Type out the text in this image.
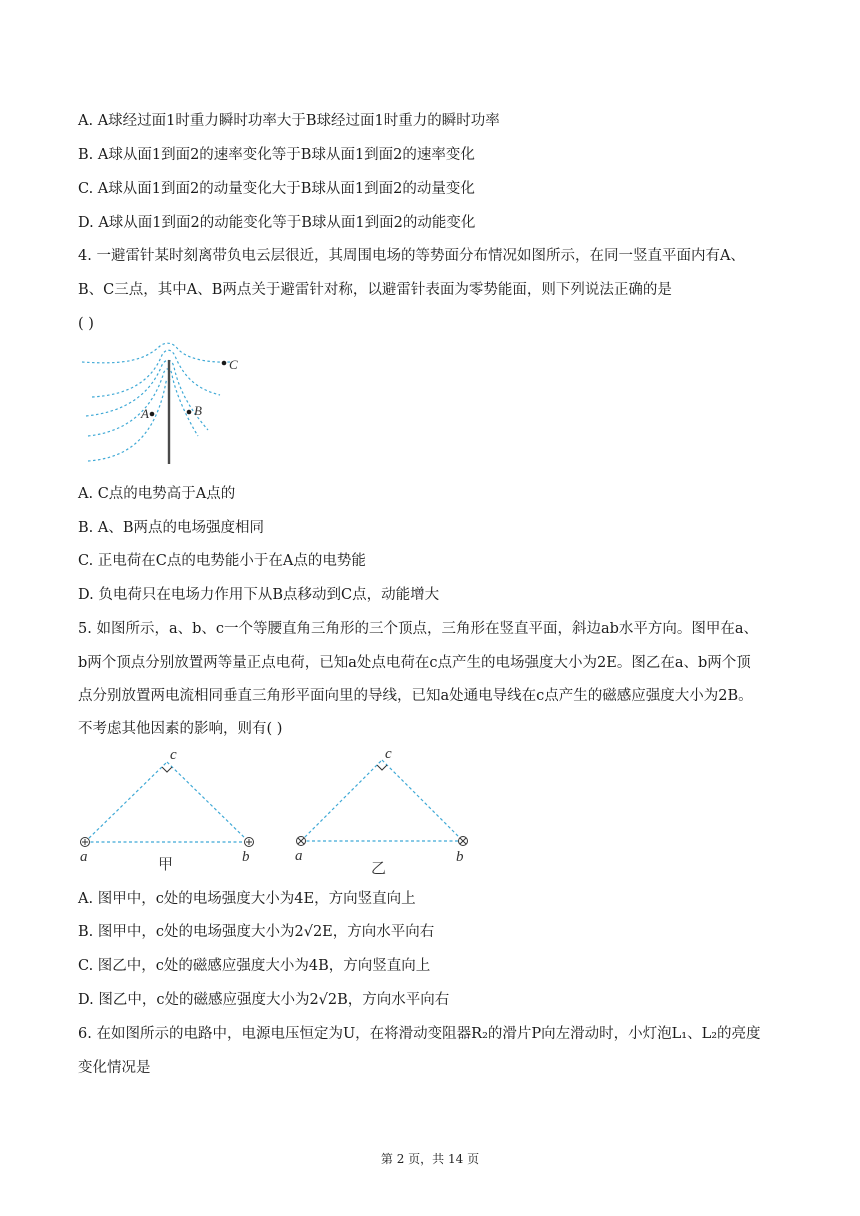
A. A球经过面1时重力瞬时功率大于B球经过面1时重力的瞬时功率
B. A球从面1到面2的速率变化等于B球从面1到面2的速率变化
C. A球从面1到面2的动量变化大于B球从面1到面2的动量变化
D. A球从面1到面2的动能变化等于B球从面1到面2的动能变化
4. 一避雷针某时刻离带负电云层很近，其周围电场的等势面分布情况如图所示，在同一竖直平面内有A、
B、C三点，其中A、B两点关于避雷针对称，以避雷针表面为零势能面，则下列说法正确的是
( )
C
A	B
A. C点的电势高于A点的
B. A、B两点的电场强度相同
C. 正电荷在C点的电势能小于在A点的电势能
D. 负电荷只在电场力作用下从B点移动到C点，动能增大
5. 如图所示，a、b、c一个等腰直角三角形的三个顶点，三角形在竖直平面，斜边ab水平方向。图甲在a、
b两个顶点分别放置两等量正点电荷，已知a处点电荷在c点产生的电场强度大小为2E。图乙在a、b两个顶
点分别放置两电流相同垂直三角形平面向里的导线，已知a处通电导线在c点产生的磁感应强度大小为2B。
不考虑其他因素的影响，则有( )
c
a	b
甲
c
a	b
乙
A. 图甲中，c处的电场强度大小为4E，方向竖直向上
B. 图甲中，c处的电场强度大小为2√2E，方向水平向右
C. 图乙中，c处的磁感应强度大小为4B，方向竖直向上
D. 图乙中，c处的磁感应强度大小为2√2B，方向水平向右
6. 在如图所示的电路中，电源电压恒定为U，在将滑动变阻器R₂的滑片P向左滑动时，小灯泡L₁、L₂的亮度
变化情况是
第 2 页，共 14 页
